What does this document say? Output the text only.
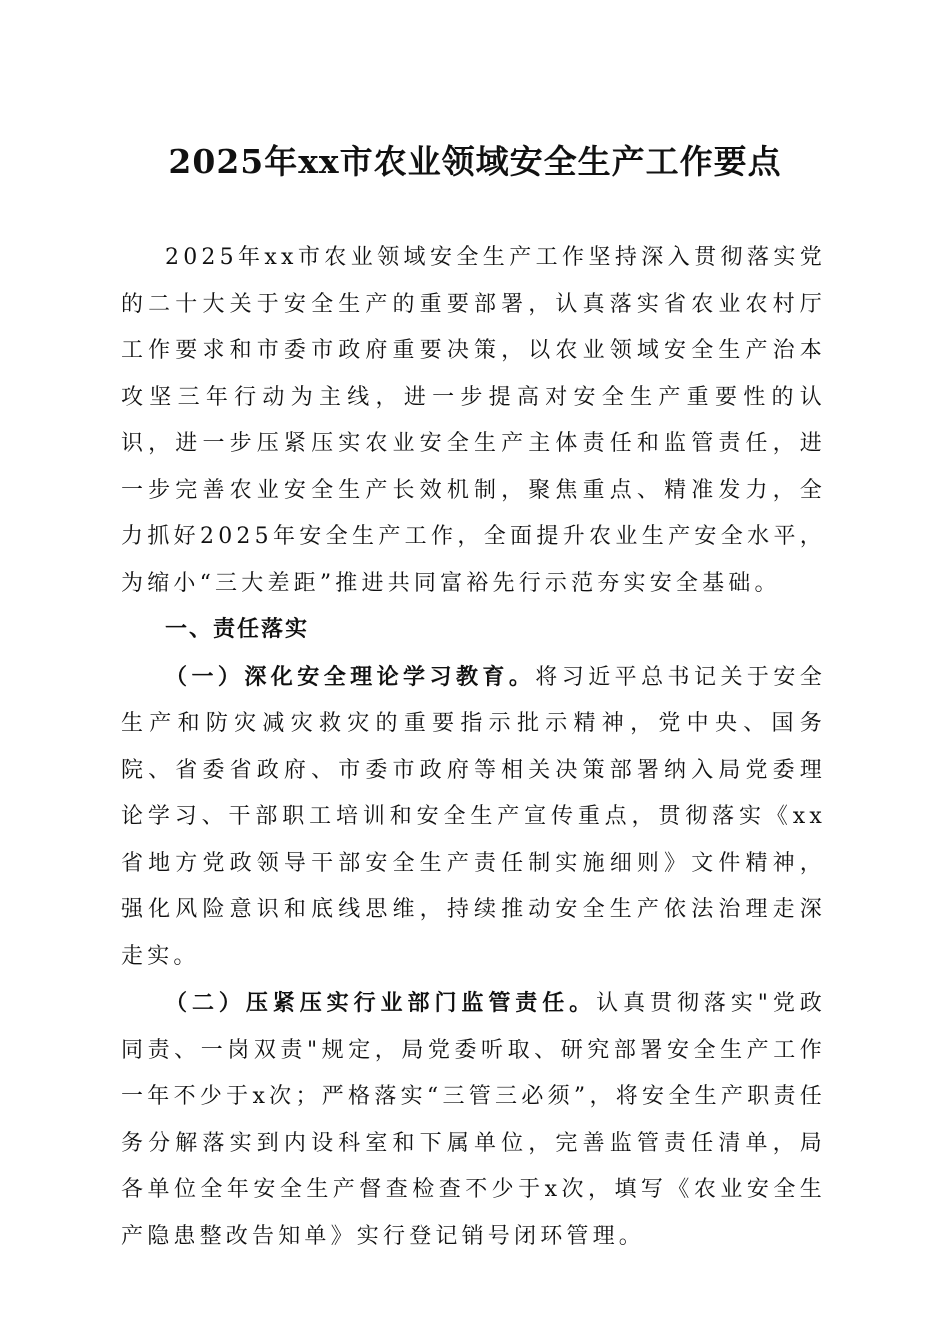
2025年xx市农业领域安全生产工作要点

2025年xx市农业领域安全生产工作坚持深入贯彻落实党的二十大关于安全生产的重要部署，认真落实省农业农村厅工作要求和市委市政府重要决策，以农业领域安全生产治本攻坚三年行动为主线，进一步提高对安全生产重要性的认识，进一步压紧压实农业安全生产主体责任和监管责任，进一步完善农业安全生产长效机制，聚焦重点、精准发力，全力抓好2025年安全生产工作，全面提升农业生产安全水平，为缩小“三大差距”推进共同富裕先行示范夯实安全基础。

一、责任落实

（一）深化安全理论学习教育。将习近平总书记关于安全生产和防灾减灾救灾的重要指示批示精神，党中央、国务院、省委省政府、市委市政府等相关决策部署纳入局党委理论学习、干部职工培训和安全生产宣传重点，贯彻落实《xx省地方党政领导干部安全生产责任制实施细则》文件精神，强化风险意识和底线思维，持续推动安全生产依法治理走深走实。

（二）压紧压实行业部门监管责任。认真贯彻落实"党政同责、一岗双责"规定，局党委听取、研究部署安全生产工作一年不少于x次；严格落实“三管三必须”，将安全生产职责任务分解落实到内设科室和下属单位，完善监管责任清单，局各单位全年安全生产督查检查不少于x次，填写《农业安全生产隐患整改告知单》实行登记销号闭环管理。
